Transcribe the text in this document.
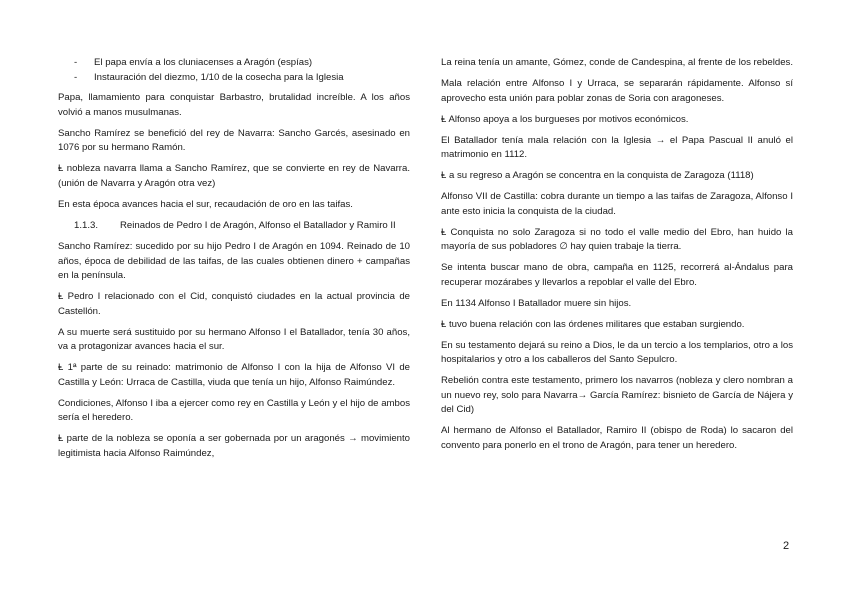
- El papa envía a los cluniacenses a Aragón (espías)
- Instauración del diezmo, 1/10 de la cosecha para la Iglesia

Papa, llamamiento para conquistar Barbastro, brutalidad increíble. A los años volvió a manos musulmanas.

Sancho Ramírez se benefició del rey de Navarra: Sancho Garcés, asesinado en 1076 por su hermano Ramón.

Ⱡ nobleza navarra llama a Sancho Ramírez, que se convierte en rey de Navarra. (unión de Navarra y Aragón otra vez)

En esta época avances hacia el sur, recaudación de oro en las taifas.

1.1.3.	Reinados de Pedro I de Aragón, Alfonso el Batallador y Ramiro II

Sancho Ramírez: sucedido por su hijo Pedro I de Aragón en 1094. Reinado de 10 años, época de debilidad de las taifas, de las cuales obtienen dinero + campañas en la península.

Ⱡ Pedro I relacionado con el Cid, conquistó ciudades en la actual provincia de Castellón.

A su muerte será sustituido por su hermano Alfonso I el Batallador, tenía 30 años, va a protagonizar avances hacia el sur.

Ⱡ 1ª parte de su reinado: matrimonio de Alfonso I con la hija de Alfonso VI de Castilla y León: Urraca de Castilla, viuda que tenía un hijo, Alfonso Raimúndez.

Condiciones, Alfonso I iba a ejercer como rey en Castilla y León y el hijo de ambos sería el heredero.

Ⱡ parte de la nobleza se oponía a ser gobernada por un aragonés → movimiento legitimista hacia Alfonso Raimúndez,

La reina tenía un amante, Gómez, conde de Candespina, al frente de los rebeldes.

Mala relación entre Alfonso I y Urraca, se separarán rápidamente. Alfonso sí aprovecho esta unión para poblar zonas de Soria con aragoneses.

Ⱡ Alfonso apoya a los burgueses por motivos económicos.

El Batallador tenía mala relación con la Iglesia → el Papa Pascual II anuló el matrimonio en 1112.

Ⱡ a su regreso a Aragón se concentra en la conquista de Zaragoza (1118)

Alfonso VII de Castilla: cobra durante un tiempo a las taifas de Zaragoza, Alfonso I ante esto inicia la conquista de la ciudad.

Ⱡ Conquista no solo Zaragoza si no todo el valle medio del Ebro, han huido la mayoría de sus pobladores ∅ hay quien trabaje la tierra.

Se intenta buscar mano de obra, campaña en 1125, recorrerá al-Ándalus para recuperar mozárabes y llevarlos a repoblar el valle del Ebro.

En 1134 Alfonso I Batallador muere sin hijos.

Ⱡ tuvo buena relación con las órdenes militares que estaban surgiendo.

En su testamento dejará su reino a Dios, le da un tercio a los templarios, otro a los hospitalarios y otro a los caballeros del Santo Sepulcro.

Rebelión contra este testamento, primero los navarros (nobleza y clero nombran a un nuevo rey, solo para Navarra→ García Ramírez: bisnieto de García de Nájera y del Cid)

Al hermano de Alfonso el Batallador, Ramiro II (obispo de Roda) lo sacaron del convento para ponerlo en el trono de Aragón, para tener un heredero.

2
